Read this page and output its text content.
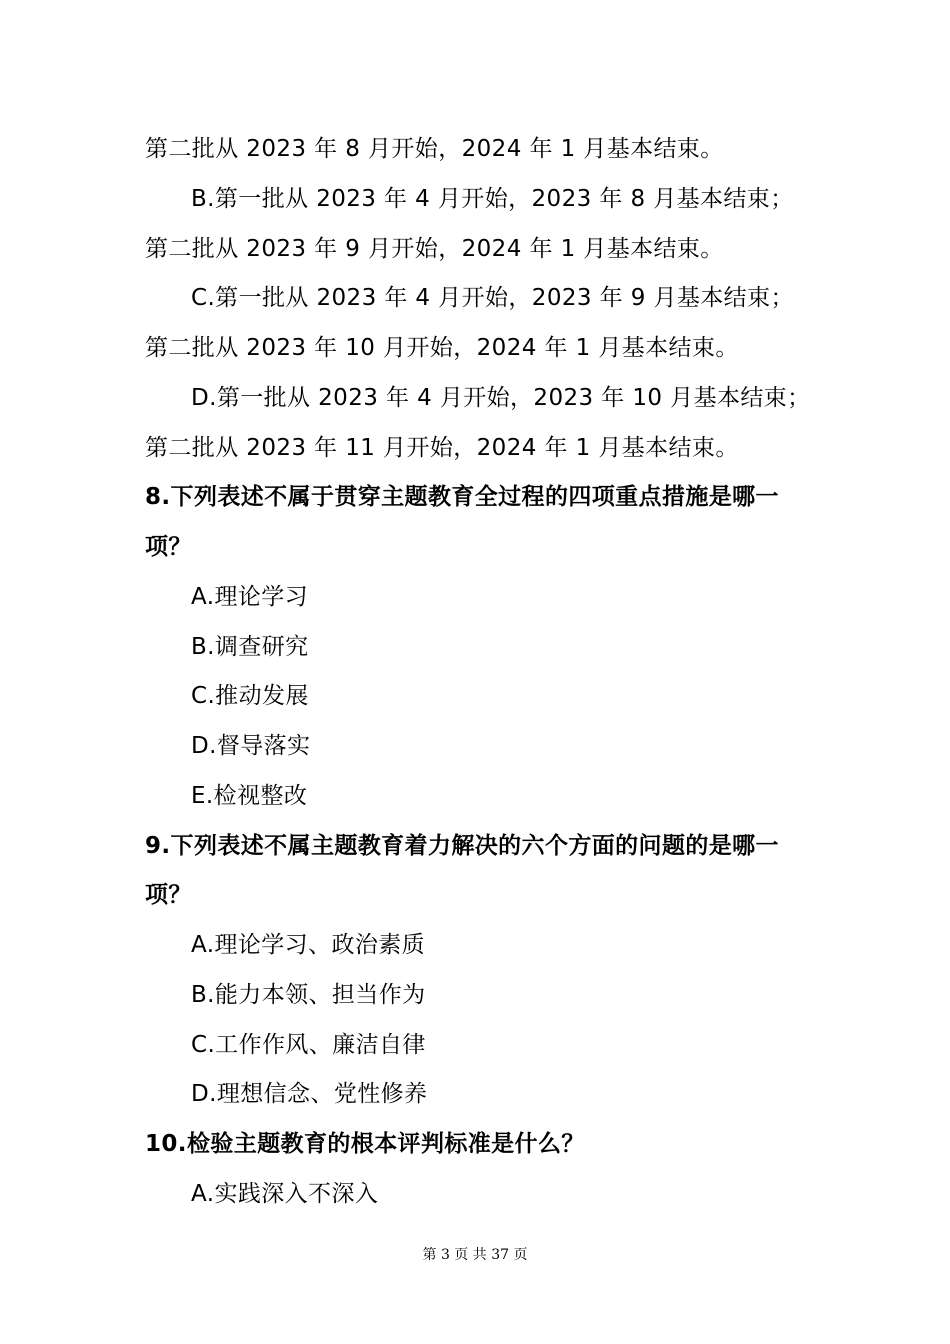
第二批从 2023 年 8 月开始，2024 年 1 月基本结束。
B.第一批从 2023 年 4 月开始，2023 年 8 月基本结束；
第二批从 2023 年 9 月开始，2024 年 1 月基本结束。
C.第一批从 2023 年 4 月开始，2023 年 9 月基本结束；
第二批从 2023 年 10 月开始，2024 年 1 月基本结束。
D.第一批从 2023 年 4 月开始，2023 年 10 月基本结束；
第二批从 2023 年 11 月开始，2024 年 1 月基本结束。
8.下列表述不属于贯穿主题教育全过程的四项重点措施是哪一
项？
A.理论学习
B.调查研究
C.推动发展
D.督导落实
E.检视整改
9.下列表述不属主题教育着力解决的六个方面的问题的是哪一
项？
A.理论学习、政治素质
B.能力本领、担当作为
C.工作作风、廉洁自律
D.理想信念、党性修养
10.检验主题教育的根本评判标准是什么？
A.实践深入不深入
第 3 页 共 37 页
